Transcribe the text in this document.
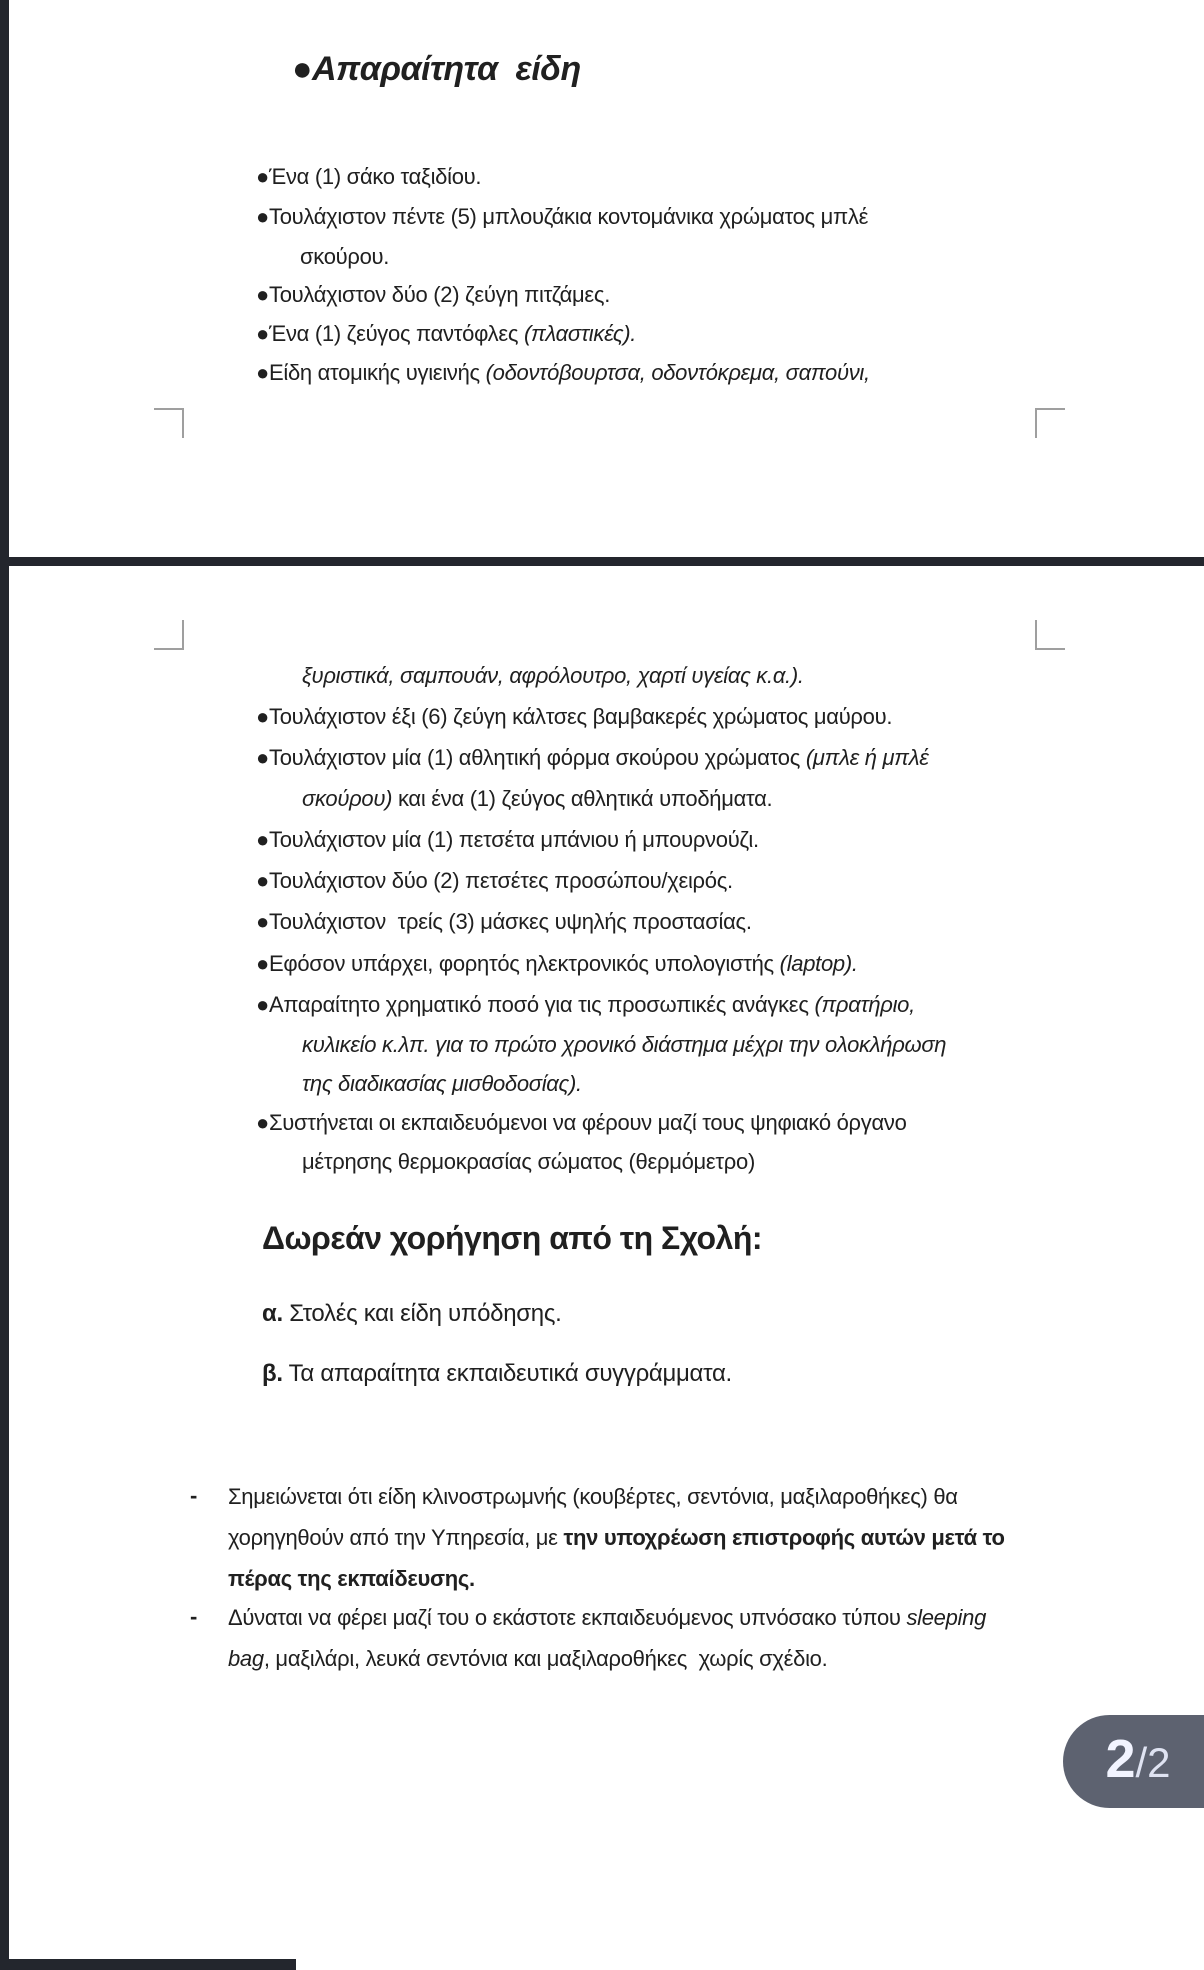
●Απαραίτητα  είδη
●Ένα (1) σάκο ταξιδίου.
●Τουλάχιστον πέντε (5) μπλουζάκια κοντομάνικα χρώματος μπλέ
σκούρου.
●Τουλάχιστον δύο (2) ζεύγη πιτζάμες.
●Ένα (1) ζεύγος παντόφλες (πλαστικές).
●Είδη ατομικής υγιεινής (οδοντόβουρτσα, οδοντόκρεμα, σαπούνι,
ξυριστικά, σαμπουάν, αφρόλουτρο, χαρτί υγείας κ.α.).
●Τουλάχιστον έξι (6) ζεύγη κάλτσες βαμβακερές χρώματος μαύρου.
●Τουλάχιστον μία (1) αθλητική φόρμα σκούρου χρώματος (μπλε ή μπλέ
σκούρου) και ένα (1) ζεύγος αθλητικά υποδήματα.
●Τουλάχιστον μία (1) πετσέτα μπάνιου ή μπουρνούζι.
●Τουλάχιστον δύο (2) πετσέτες προσώπου/χειρός.
●Τουλάχιστον  τρείς (3) μάσκες υψηλής προστασίας.
●Εφόσον υπάρχει, φορητός ηλεκτρονικός υπολογιστής (laptop).
●Απαραίτητο χρηματικό ποσό για τις προσωπικές ανάγκες (πρατήριο,
κυλικείο κ.λπ. για το πρώτο χρονικό διάστημα μέχρι την ολοκλήρωση
της διαδικασίας μισθοδοσίας).
●Συστήνεται οι εκπαιδευόμενοι να φέρουν μαζί τους ψηφιακό όργανο
μέτρησης θερμοκρασίας σώματος (θερμόμετρο)
Δωρεάν χορήγηση από τη Σχολή:
α. Στολές και είδη υπόδησης.
β. Τα απαραίτητα εκπαιδευτικά συγγράμματα.
- Σημειώνεται ότι είδη κλινοστρωμνής (κουβέρτες, σεντόνια, μαξιλαροθήκες) θα
χορηγηθούν από την Υπηρεσία, με την υποχρέωση επιστροφής αυτών μετά το
πέρας της εκπαίδευσης.
- Δύναται να φέρει μαζί του ο εκάστοτε εκπαιδευόμενος υπνόσακο τύπου sleeping
bag, μαξιλάρι, λευκά σεντόνια και μαξιλαροθήκες  χωρίς σχέδιο.
2 /2
